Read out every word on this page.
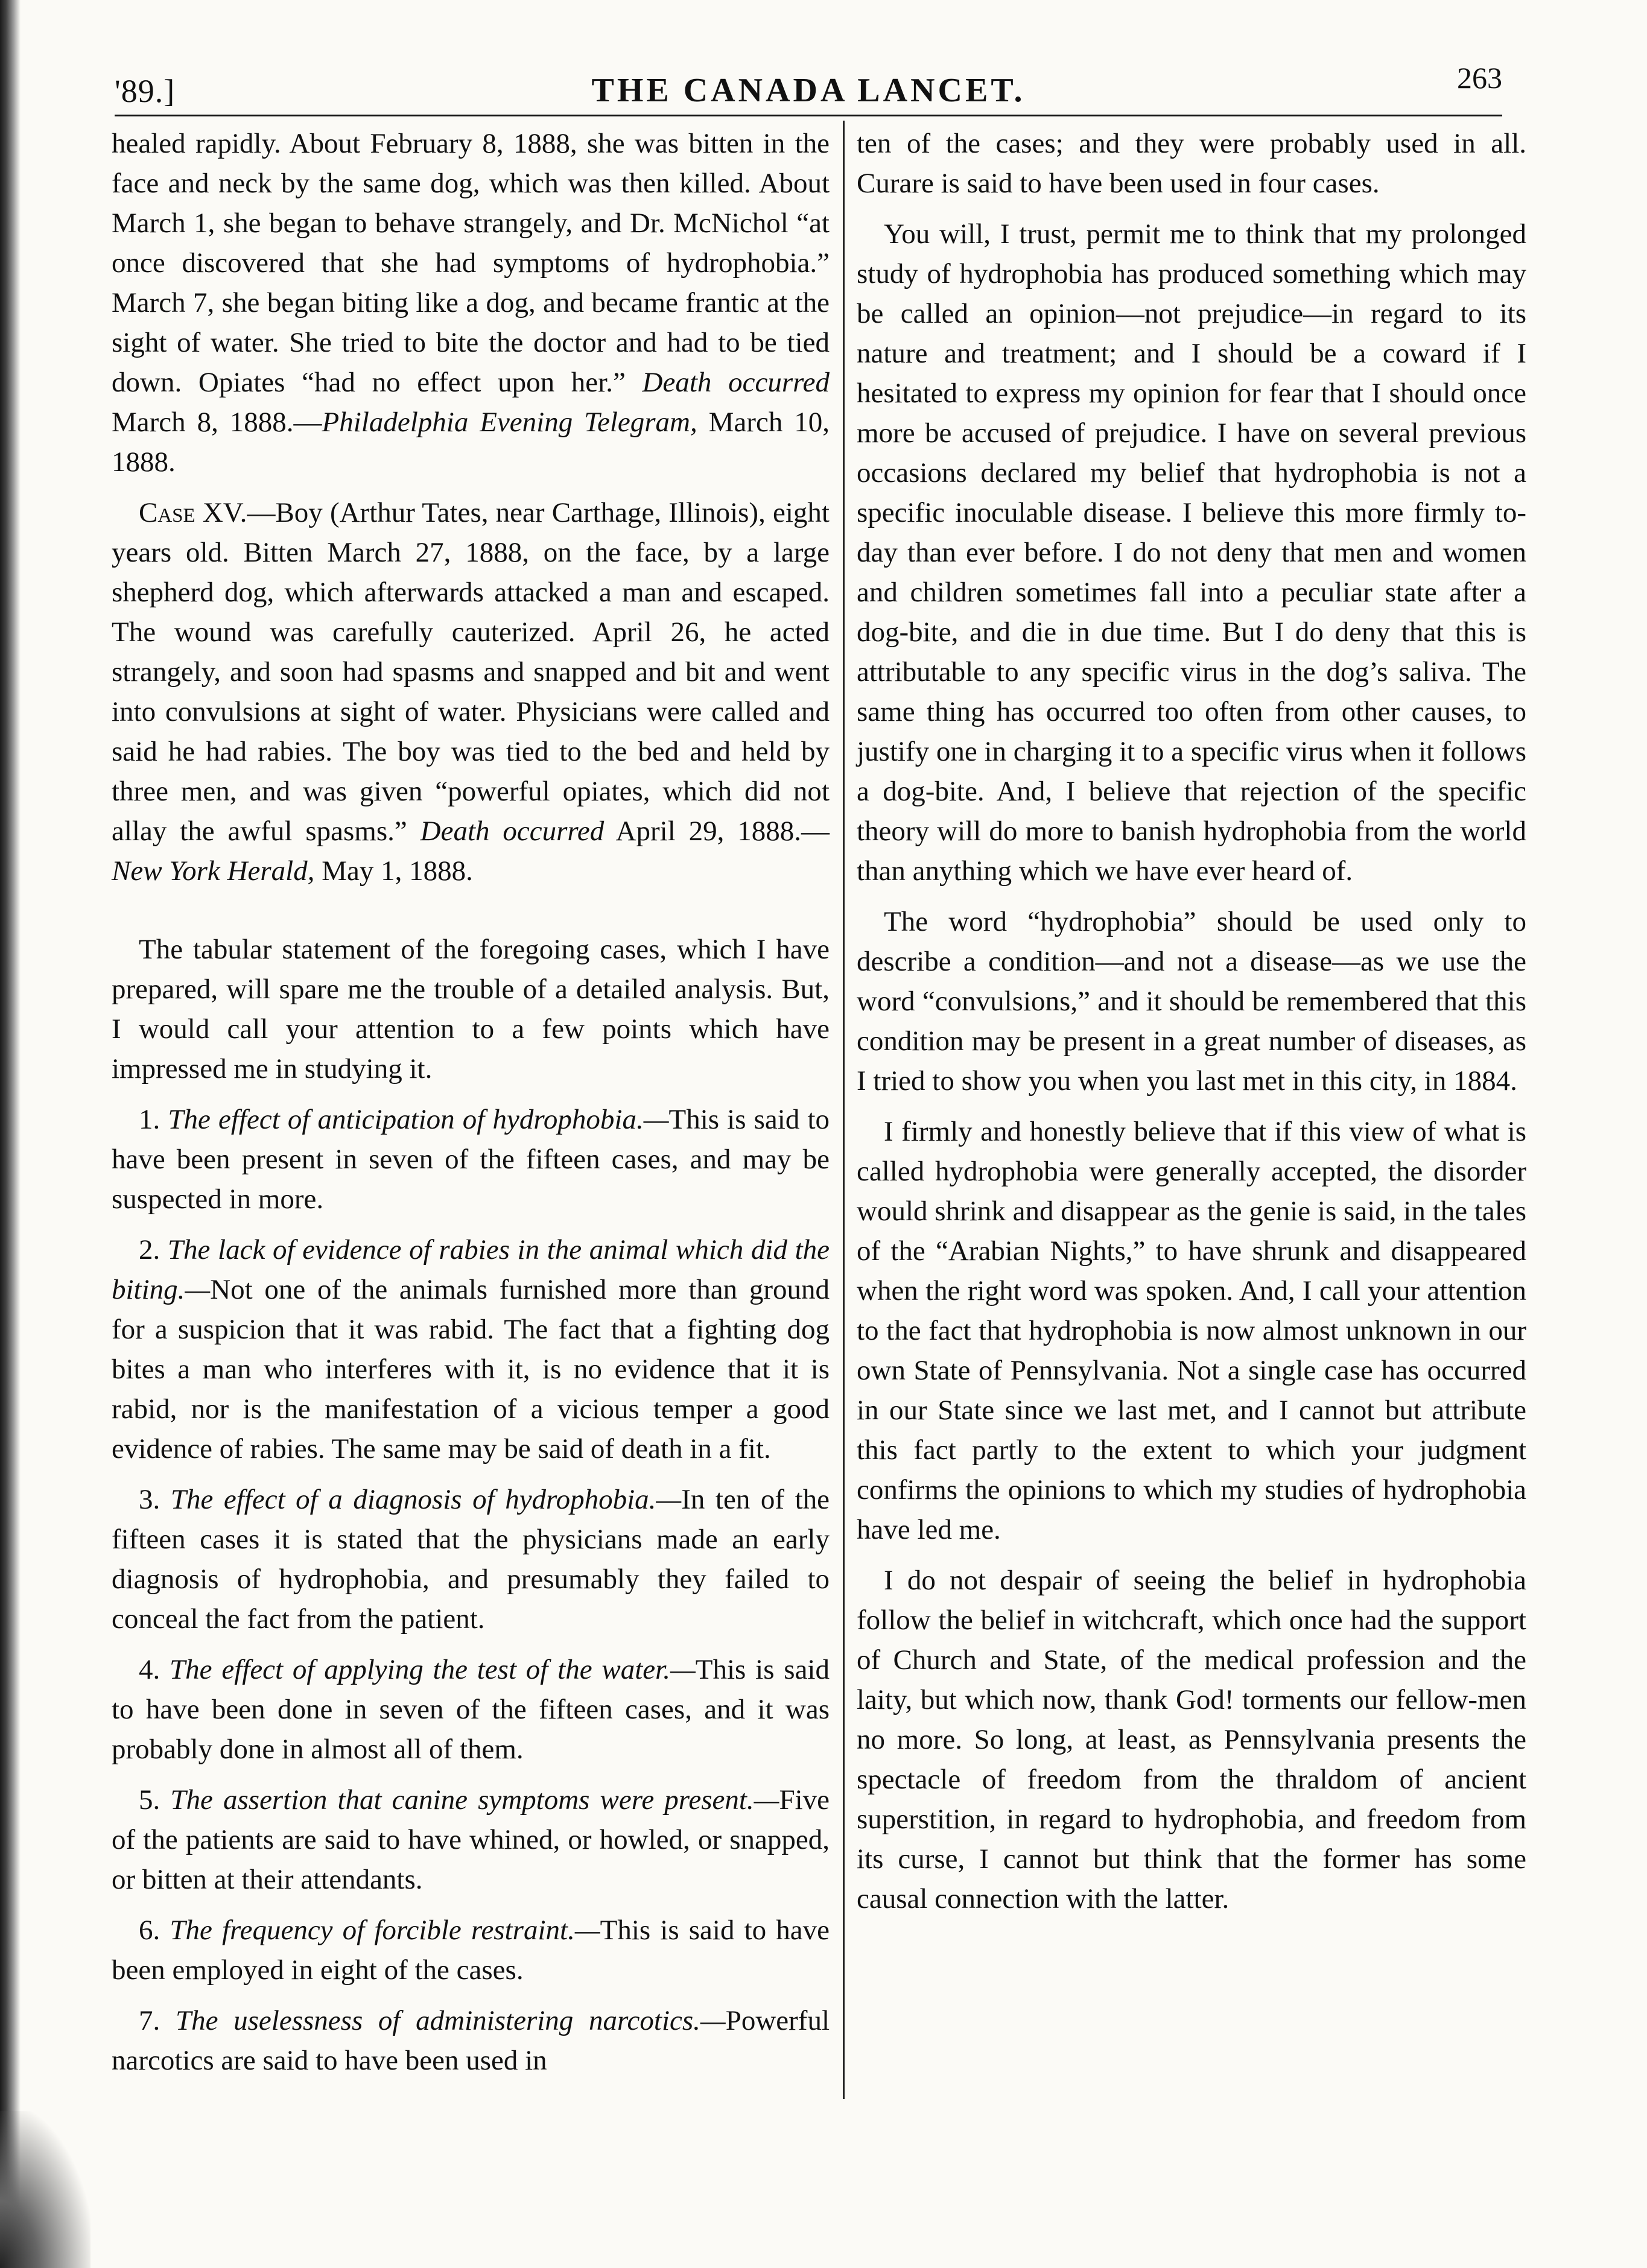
'89.]	THE CANADA LANCET.	263

healed rapidly. About February 8, 1888, she was bitten in the face and neck by the same dog, which was then killed. About March 1, she began to behave strangely, and Dr. McNichol “at once discovered that she had symptoms of hydrophobia.” March 7, she began biting like a dog, and became frantic at the sight of water. She tried to bite the doctor and had to be tied down. Opiates “had no effect upon her.” Death occurred March 8, 1888.—Philadelphia Evening Telegram, March 10, 1888.

Case XV.—Boy (Arthur Tates, near Carthage, Illinois), eight years old. Bitten March 27, 1888, on the face, by a large shepherd dog, which afterwards attacked a man and escaped. The wound was carefully cauterized. April 26, he acted strangely, and soon had spasms and snapped and bit and went into convulsions at sight of water. Physicians were called and said he had rabies. The boy was tied to the bed and held by three men, and was given “powerful opiates, which did not allay the awful spasms.” Death occurred April 29, 1888.—New York Herald, May 1, 1888.

The tabular statement of the foregoing cases, which I have prepared, will spare me the trouble of a detailed analysis. But, I would call your attention to a few points which have impressed me in studying it.

1. The effect of anticipation of hydrophobia.—This is said to have been present in seven of the fifteen cases, and may be suspected in more.

2. The lack of evidence of rabies in the animal which did the biting.—Not one of the animals furnished more than ground for a suspicion that it was rabid. The fact that a fighting dog bites a man who interferes with it, is no evidence that it is rabid, nor is the manifestation of a vicious temper a good evidence of rabies. The same may be said of death in a fit.

3. The effect of a diagnosis of hydrophobia.—In ten of the fifteen cases it is stated that the physicians made an early diagnosis of hydrophobia, and presumably they failed to conceal the fact from the patient.

4. The effect of applying the test of the water.—This is said to have been done in seven of the fifteen cases, and it was probably done in almost all of them.

5. The assertion that canine symptoms were present.—Five of the patients are said to have whined, or howled, or snapped, or bitten at their attendants.

6. The frequency of forcible restraint.—This is said to have been employed in eight of the cases.

7. The uselessness of administering narcotics.—Powerful narcotics are said to have been used in

ten of the cases; and they were probably used in all. Curare is said to have been used in four cases.

You will, I trust, permit me to think that my prolonged study of hydrophobia has produced something which may be called an opinion—not prejudice—in regard to its nature and treatment; and I should be a coward if I hesitated to express my opinion for fear that I should once more be accused of prejudice. I have on several previous occasions declared my belief that hydrophobia is not a specific inoculable disease. I believe this more firmly to-day than ever before. I do not deny that men and women and children sometimes fall into a peculiar state after a dog-bite, and die in due time. But I do deny that this is attributable to any specific virus in the dog’s saliva. The same thing has occurred too often from other causes, to justify one in charging it to a specific virus when it follows a dog-bite. And, I believe that rejection of the specific theory will do more to banish hydrophobia from the world than anything which we have ever heard of.

The word “hydrophobia” should be used only to describe a condition—and not a disease—as we use the word “convulsions,” and it should be remembered that this condition may be present in a great number of diseases, as I tried to show you when you last met in this city, in 1884.

I firmly and honestly believe that if this view of what is called hydrophobia were generally accepted, the disorder would shrink and disappear as the genie is said, in the tales of the “Arabian Nights,” to have shrunk and disappeared when the right word was spoken. And, I call your attention to the fact that hydrophobia is now almost unknown in our own State of Pennsylvania. Not a single case has occurred in our State since we last met, and I cannot but attribute this fact partly to the extent to which your judgment confirms the opinions to which my studies of hydrophobia have led me.

I do not despair of seeing the belief in hydrophobia follow the belief in witchcraft, which once had the support of Church and State, of the medical profession and the laity, but which now, thank God! torments our fellow-men no more. So long, at least, as Pennsylvania presents the spectacle of freedom from the thraldom of ancient superstition, in regard to hydrophobia, and freedom from its curse, I cannot but think that the former has some causal connection with the latter.
